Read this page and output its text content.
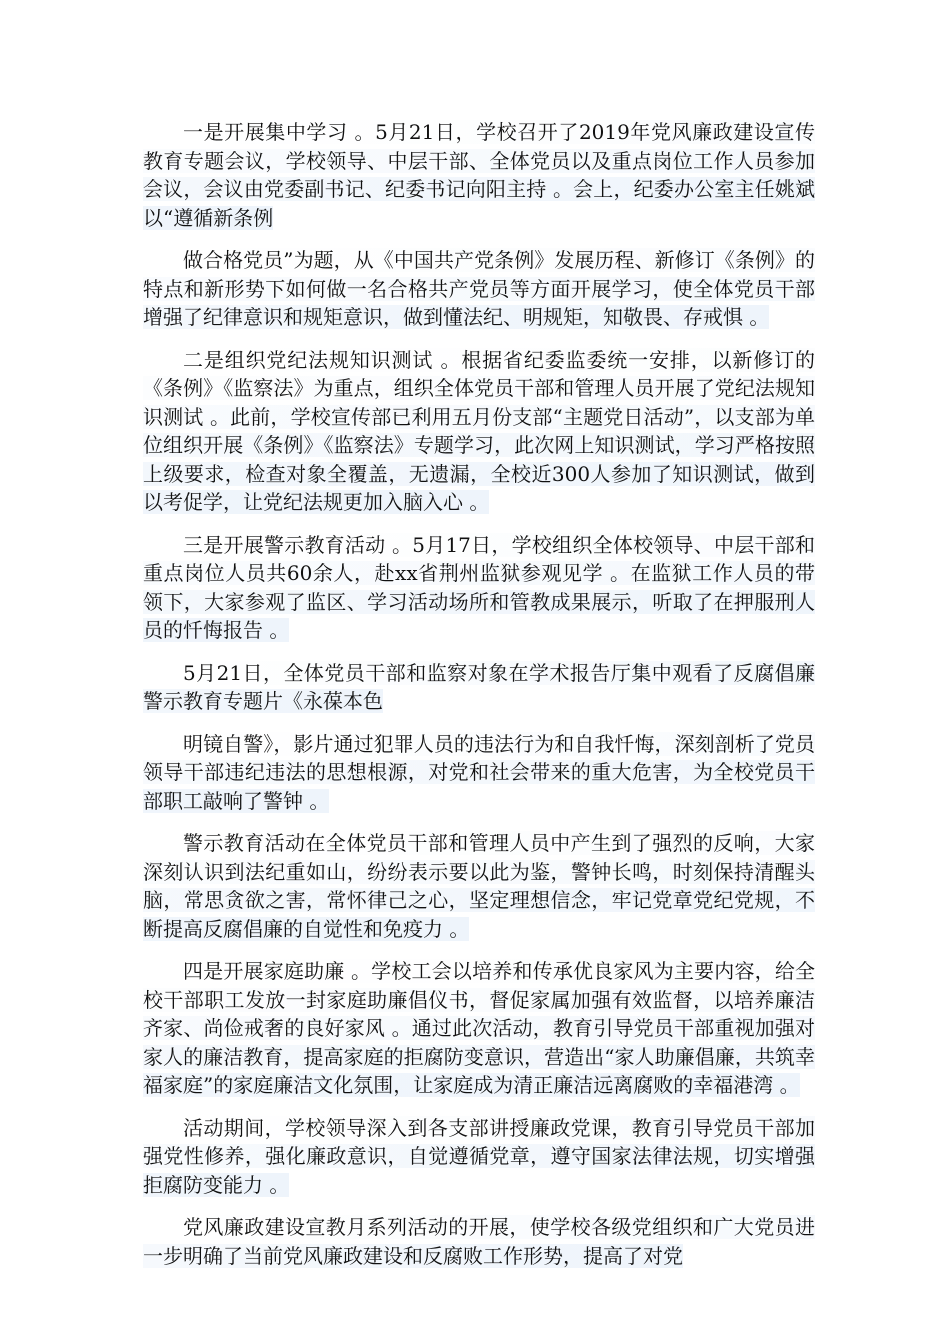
一是开展集中学习 。5月21日，学校召开了2019年党风廉政建设宣传教育专题会议，学校领导、中层干部、全体党员以及重点岗位工作人员参加会议，会议由党委副书记、纪委书记向阳主持 。会上，纪委办公室主任姚斌以“遵循新条例

做合格党员”为题，从《中国共产党条例》发展历程、新修订《条例》的特点和新形势下如何做一名合格共产党员等方面开展学习，使全体党员干部增强了纪律意识和规矩意识，做到懂法纪、明规矩，知敬畏、存戒惧 。

二是组织党纪法规知识测试 。根据省纪委监委统一安排，以新修订的《条例》《监察法》为重点，组织全体党员干部和管理人员开展了党纪法规知识测试 。此前，学校宣传部已利用五月份支部“主题党日活动”，以支部为单位组织开展《条例》《监察法》专题学习，此次网上知识测试，学习严格按照上级要求，检查对象全覆盖，无遗漏，全校近300人参加了知识测试，做到以考促学，让党纪法规更加入脑入心 。

三是开展警示教育活动 。5月17日，学校组织全体校领导、中层干部和重点岗位人员共60余人，赴xx省荆州监狱参观见学 。在监狱工作人员的带领下，大家参观了监区、学习活动场所和管教成果展示，听取了在押服刑人员的忏悔报告 。

5月21日，全体党员干部和监察对象在学术报告厅集中观看了反腐倡廉警示教育专题片《永葆本色

明镜自警》，影片通过犯罪人员的违法行为和自我忏悔，深刻剖析了党员领导干部违纪违法的思想根源，对党和社会带来的重大危害，为全校党员干部职工敲响了警钟 。

警示教育活动在全体党员干部和管理人员中产生到了强烈的反响，大家深刻认识到法纪重如山，纷纷表示要以此为鉴，警钟长鸣，时刻保持清醒头脑，常思贪欲之害，常怀律己之心，坚定理想信念，牢记党章党纪党规，不断提高反腐倡廉的自觉性和免疫力 。

四是开展家庭助廉 。学校工会以培养和传承优良家风为主要内容，给全校干部职工发放一封家庭助廉倡仪书，督促家属加强有效监督，以培养廉洁齐家、尚俭戒奢的良好家风 。通过此次活动，教育引导党员干部重视加强对家人的廉洁教育，提高家庭的拒腐防变意识，营造出“家人助廉倡廉，共筑幸福家庭”的家庭廉洁文化氛围，让家庭成为清正廉洁远离腐败的幸福港湾 。

活动期间，学校领导深入到各支部讲授廉政党课，教育引导党员干部加强党性修养，强化廉政意识，自觉遵循党章，遵守国家法律法规，切实增强拒腐防变能力 。

党风廉政建设宣教月系列活动的开展，使学校各级党组织和广大党员进一步明确了当前党风廉政建设和反腐败工作形势，提高了对党
